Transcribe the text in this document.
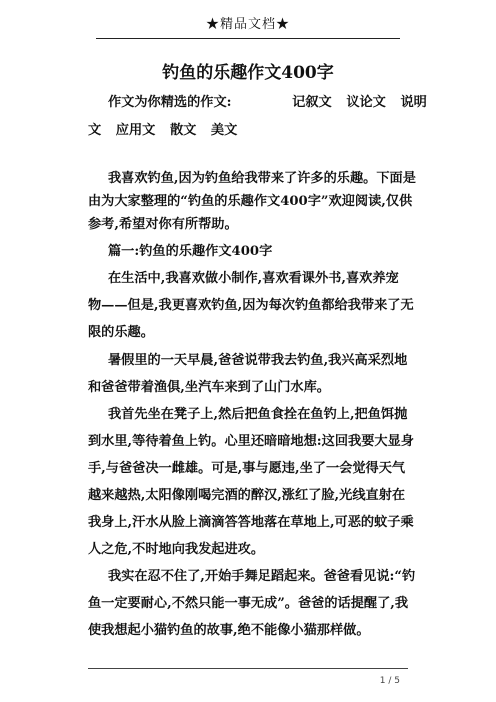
★精品文档★
钓鱼的乐趣作文400字
作文为你精选的作文:	记叙文 议论文 说明
文 应用文 散文 美文
我喜欢钓鱼,因为钓鱼给我带来了许多的乐趣。下面是
由为大家整理的“钓鱼的乐趣作文400字”欢迎阅读,仅供
参考,希望对你有所帮助。
篇一:钓鱼的乐趣作文400字
在生活中,我喜欢做小制作,喜欢看课外书,喜欢养宠
物——但是,我更喜欢钓鱼,因为每次钓鱼都给我带来了无
限的乐趣。
暑假里的一天早晨,爸爸说带我去钓鱼,我兴高采烈地
和爸爸带着渔俱,坐汽车来到了山门水库。
我首先坐在凳子上,然后把鱼食拴在鱼钓上,把鱼饵抛
到水里,等待着鱼上钓。心里还暗暗地想:这回我要大显身
手,与爸爸决一雌雄。可是,事与愿违,坐了一会觉得天气
越来越热,太阳像刚喝完酒的醉汉,涨红了脸,光线直射在
我身上,汗水从脸上滴滴答答地落在草地上,可恶的蚊子乘
人之危,不时地向我发起进攻。
我实在忍不住了,开始手舞足蹈起来。爸爸看见说:“钓
鱼一定要耐心,不然只能一事无成”。爸爸的话提醒了,我
使我想起小猫钓鱼的故事,绝不能像小猫那样做。
1 / 5
